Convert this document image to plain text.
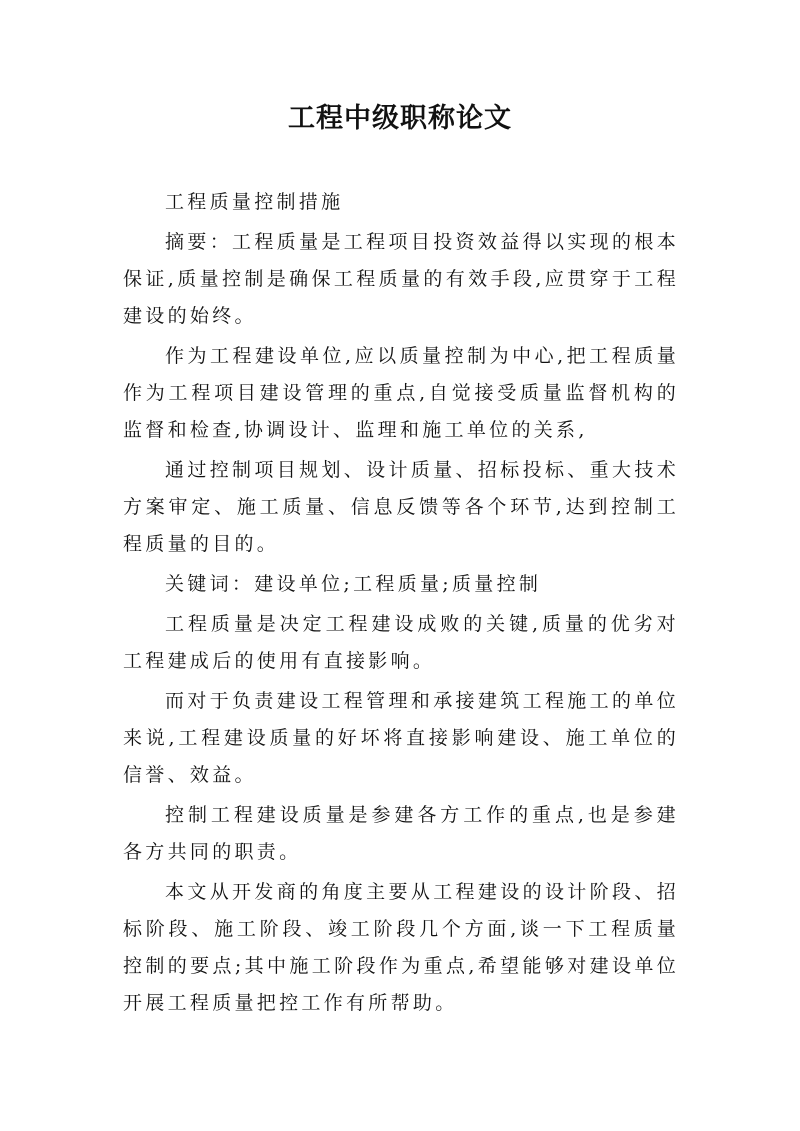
工程中级职称论文

工程质量控制措施

摘要：工程质量是工程项目投资效益得以实现的根本保证,质量控制是确保工程质量的有效手段,应贯穿于工程建设的始终。

作为工程建设单位,应以质量控制为中心,把工程质量作为工程项目建设管理的重点,自觉接受质量监督机构的监督和检查,协调设计、监理和施工单位的关系,

通过控制项目规划、设计质量、招标投标、重大技术方案审定、施工质量、信息反馈等各个环节,达到控制工程质量的目的。

关键词：建设单位;工程质量;质量控制

工程质量是决定工程建设成败的关键,质量的优劣对工程建成后的使用有直接影响。

而对于负责建设工程管理和承接建筑工程施工的单位来说,工程建设质量的好坏将直接影响建设、施工单位的信誉、效益。

控制工程建设质量是参建各方工作的重点,也是参建各方共同的职责。

本文从开发商的角度主要从工程建设的设计阶段、招标阶段、施工阶段、竣工阶段几个方面,谈一下工程质量控制的要点;其中施工阶段作为重点,希望能够对建设单位开展工程质量把控工作有所帮助。
